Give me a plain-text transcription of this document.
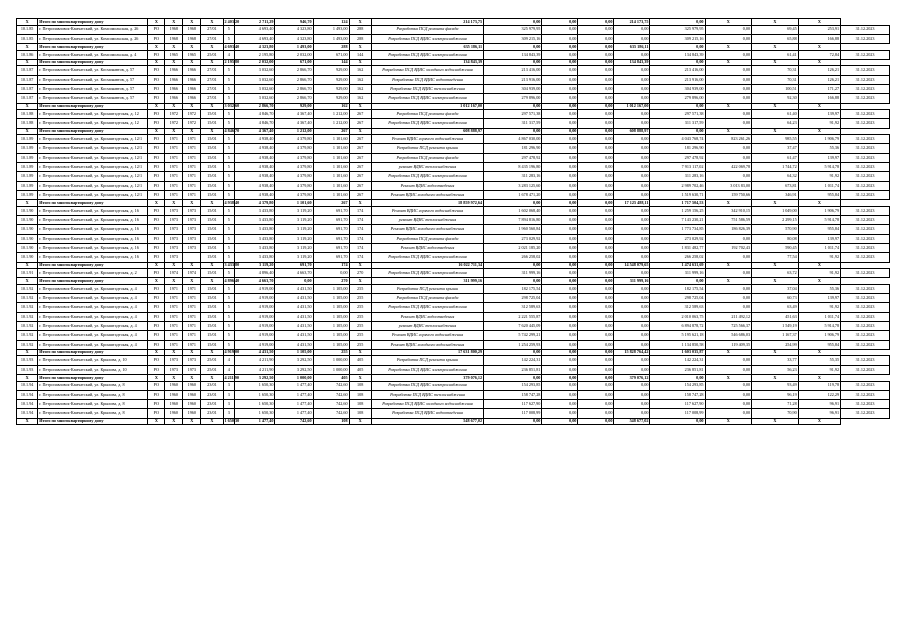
X	Итого по многоквартирному дому	X	X	X	X	2 403,20	2 711,29	946,70	124	X	214 173,75	0,00	0,00	0,00	214 173,75	0,00	X	X	X	
10.1.85	г. Петропавловск-Камчатский, ул. Комсомольская, д. 26	РО	1968	1968	27/01	5	4 693,40	4 323,80	1 493,00	288	Разработка ПСД ремонта фасада	325 979,95	0,00	0,00	0,00	325 979,95	0,00	69,45	253,91	31.12.2023
10.1.85	г. Петропавловск-Камчатский, ул. Комсомольская, д. 26	РО	1968	1968	27/01	5	4 693,40	4 323,80	1 493,00	288	Разработка ПСД ВДИС электроснабжения	309 215,16	0,00	0,00	0,00	309 215,16	0,00	65,88	166,88	31.12.2023
X	Итого по многоквартирному дому	X	X	X	X	4 693,40	4 323,80	1 493,00	288	X	635 186,11	0,00	0,00	0,00	635 186,11	0,00	X	X	X	
10.1.86	г. Петропавловск-Камчатский, ул. Комсомольская, д. 4	РО	1965	1965	25/01	4	2 195,80	2 032,00	671,00	144	Разработка ПСД ВДИС электроснабжения	134 843,39	0,00	0,00	0,00	134 843,39	0,00	61,41	72,84	31.12.2023
X	Итого по многоквартирному дому	X	X	X	X	2 195,80	2 032,00	671,00	144	X	134 843,39	0,00	0,00	0,00	134 843,39	0,00	X	X	X	
10.1.87	г. Петропавловск-Камчатский, ул. Космонавтов, д. 57	РО	1966	1966	27/01	5	3 032,60	2 866,70	929,00	162	Разработка ПСД ВДИС холодного водоснабжения	213 416,00	0,00	0,00	0,00	213 416,00	0,00	70,31	126,21	31.12.2023
10.1.87	г. Петропавловск-Камчатский, ул. Космонавтов, д. 57	РО	1966	1966	27/01	5	3 032,60	2 866,70	929,00	162	Разработка ПСД ВДИС водоотведения	213 916,00	0,00	0,00	0,00	213 916,00	0,00	70,31	126,21	31.12.2023
10.1.87	г. Петропавловск-Камчатский, ул. Космонавтов, д. 57	РО	1966	1966	27/01	5	3 032,60	2 866,70	929,00	162	Разработка ПСД ВДИС теплоснабжения	304 939,00	0,00	0,00	0,00	304 939,00	0,00	100,51	171,27	31.12.2023
10.1.87	г. Петропавловск-Камчатский, ул. Космонавтов, д. 57	РО	1966	1966	27/01	5	3 032,60	2 866,70	929,00	162	Разработка ПСД ВДИС электроснабжения	279 896,00	0,00	0,00	0,00	279 896,00	0,00	92,30	166,88	31.12.2023
X	Итого по многоквартирному дому	X	X	X	X	3 032,60	2 866,70	929,00	162	X	1 012 167,00	0,00	0,00	0,00	1 012 167,00	0,00	X	X	X	
10.1.88	г. Петропавловск-Камчатский, ул. Кронштадтская, д. 12	РО	1972	1972	15/01	5	4 846,70	4 367,40	1 212,00	267	Разработка ПСД ремонта фасада	297 571,38	0,00	0,00	0,00	297 571,38	0,00	61,40	139,97	31.12.2023
10.1.88	г. Петропавловск-Камчатский, ул. Кронштадтская, д. 12	РО	1972	1972	15/01	5	4 846,70	4 367,40	1 212,00	267	Разработка ПСД ВДИС электроснабжения	311 317,59	0,00	0,00	0,00	311 317,59	0,00	64,23	91,92	31.12.2023
X	Итого по многоквартирному дому	X	X	X	X	4 846,70	4 367,40	1 212,00	267	X	608 888,97	0,00	0,00	0,00	608 888,97	0,00	X	X	X	
10.1.89	г. Петропавловск-Камчатский, ул. Кронштадтская, д. 12/1	РО	1971	1971	15/01	5	4 938,40	4 379,80	1 101,60	267	Ремонт ВДИС горячего водоснабжения	4 867 030,00	0,00	0,00	0,00	4 043 768,74	823 261,26	985,55	1 906,79	31.12.2023
10.1.89	г. Петропавловск-Камчатский, ул. Кронштадтская, д. 12/1	РО	1971	1971	15/01	5	4 938,40	4 379,80	1 101,60	267	Разработка ПСД ремонта крыши	181 296,90	0,00	0,00	0,00	181 296,90	0,00	37,47	55,36	31.12.2023
10.1.89	г. Петропавловск-Камчатский, ул. Кронштадтская, д. 12/1	РО	1971	1971	15/01	5	4 938,40	4 379,80	1 101,60	267	Разработка ПСД ремонта фасада	297 478,92	0,00	0,00	0,00	297 478,92	0,00	61,47	139,97	31.12.2023
10.1.89	г. Петропавловск-Камчатский, ул. Кронштадтская, д. 12/1	РО	1971	1971	15/01	5	4 938,40	4 379,80	1 101,60	267	ремонт ВДИС теплоснабжения	8 435 196,80	0,00	0,00	0,00	7 913 117,02	422 069,78	1 744,72	5 914,78	31.12.2023
10.1.89	г. Петропавловск-Камчатский, ул. Кронштадтская, д. 12/1	РО	1971	1971	15/01	5	4 938,40	4 379,80	1 101,60	267	Разработка ПСД ВДИС электроснабжения	311 283,16	0,00	0,00	0,00	311 283,16	0,00	64,32	91,92	31.12.2023
10.1.89	г. Петропавловск-Камчатский, ул. Кронштадтская, д. 12/1	РО	1971	1971	15/01	5	4 938,40	4 379,80	1 101,60	267	Ремонт ВДИС водоотведения	3 283 125,60	0,00	0,00	0,00	2 989 702,46	3 013 83,00	673,81	1 011,74	31.12.2023
10.1.89	г. Петропавловск-Камчатский, ул. Кронштадтская, д. 12/1	РО	1971	1971	15/01	5	4 938,40	4 379,80	1 101,60	267	Ремонт ВДИС холодного водоснабжения	1 678 471,20	0,00	0,00	0,00	1 519 630,71	159 750,66	346,91	955,84	31.12.2023
X	Итого по многоквартирному дому	X	X	X	X	4 938,40	4 379,80	1 101,60	267	X	18 859 972,64	0,00	0,00	0,00	17 125 488,11	1 717 504,53	X	X	X	
10.1.90	г. Петропавловск-Камчатский, ул. Кронштадтская, д. 16	РО	1973	1973	15/01	5	3 433,80	3 119,20	691,70	174	Ремонт ВДИС горячего водоснабжения	1 602 068,40	0,00	0,00	0,00	1 259 156,25	342 910,15	1 049,00	1 906,79	31.12.2023
10.1.90	г. Петропавловск-Камчатский, ул. Кронштадтская, д. 16	РО	1973	1973	15/01	5	3 433,80	3 119,20	691,70	174	ремонт ВДИС теплоснабжения	7 894 816,80	0,00	0,00	0,00	7 143 230,21	751 586,59	2 299,15	5 914,78	31.12.2023
10.1.90	г. Петропавловск-Камчатский, ул. Кронштадтская, д. 16	РО	1973	1973	15/01	5	3 433,80	3 119,20	691,70	174	Ремонт ВДИС холодного водоснабжения	1 960 560,84	0,00	0,00	0,00	1 773 734,85	186 826,39	570,90	955,84	31.12.2023
10.1.90	г. Петропавловск-Камчатский, ул. Кронштадтская, д. 16	РО	1973	1973	15/01	5	3 433,80	3 119,20	691,70	174	Разработка ПСД ремонта фасада	273 029,92	0,00	0,00	0,00	273 029,92	0,00	80,08	139,97	31.12.2023
10.1.90	г. Петропавловск-Камчатский, ул. Кронштадтская, д. 16	РО	1973	1973	15/01	5	3 433,80	3 119,20	691,70	174	Ремонт ВДИС водоотведения	2 021 185,20	0,00	0,00	0,00	1 831 482,77	192 702,43	590,45	1 011,74	31.12.2023
10.1.90	г. Петропавловск-Камчатский, ул. Кронштадтская, д. 16	РО	1973		15/01	5	3 433,80	3 119,20	691,70	174	Разработка ПСД ВДИС электроснабжения	266 258,02	0,00	0,00	0,00	266 258,02	0,00	77,54	91,92	31.12.2023
X	Итого по многоквартирному дому	X	X	X	X	3 433,80	3 119,20	691,70	174	X	16 022 711,34	0,00	0,00	0,00	14 548 079,65	1 474 631,69	X	X	X	
10.1.91	г. Петропавловск-Камчатский, ул. Кронштадтская, д. 2	РО	1974	1974	15/01	5	4 896,40	4 663,70	0,00	270	Разработка ПСД ВДИС электроснабжения	311 999,16	0,00	0,00	0,00	311 999,16	0,00	63,72	91,92	31.12.2023
X	Итого по многоквартирному дому	X	X	X	X	4 896,40	4 663,70	0,00	270	X	311 999,16	0,00	0,00	0,00	311 999,16	0,00	X	X	X	
10.1.92	г. Петропавловск-Камчатский, ул. Кронштадтская, д. 4	РО	1971	1971	15/01	5	4 919,00	4 431,50	1 105,00	255	Разработка ПСД ремонта крыши	182 175,54	0,00	0,00	0,00	182 175,54	0,00	37,04	55,36	31.12.2023
10.1.92	г. Петропавловск-Камчатский, ул. Кронштадтская, д. 4	РО	1971	1971	15/01	5	4 919,00	4 431,50	1 105,00	255	Разработка ПСД ремонта фасада	298 725,04	0,00	0,00	0,00	298 725,04	0,00	60,73	139,97	31.12.2023
10.1.92	г. Петропавловск-Камчатский, ул. Кронштадтская, д. 4	РО	1971	1971	15/01	5	4 919,00	4 431,50	1 105,00	255	Разработка ПСД ВДИС электроснабжения	312 589,63	0,00	0,00	0,00	312 589,63	0,00	63,49	91,92	31.12.2023
10.1.92	г. Петропавловск-Камчатский, ул. Кронштадтская, д. 4	РО	1971	1971	15/01	5	4 919,00	4 431,50	1 105,00	255	Ремонт ВДИС водоотведения	2 221 555,87	0,00	0,00	0,00	2 010 063,75	211 492,12	451,63	1 011,74	31.12.2023
10.1.92	г. Петропавловск-Камчатский, ул. Кронштадтская, д. 4	РО	1971	1971	15/01	5	4 919,00	4 431,50	1 105,00	255	ремонт ВДИС теплоснабжения	7 620 445,09	0,00	0,00	0,00	6 894 878,72	725 566,37	1 549,19	5 914,78	31.12.2023
10.1.92	г. Петропавловск-Камчатский, ул. Кронштадтская, д. 4	РО	1971	1971	15/01	5	4 919,00	4 431,50	1 105,00	255	Ремонт ВДИС горячего водоснабжения	5 742 299,21	0,00	0,00	0,00	5 195 621,18	546 686,03	1 167,37	1 906,79	31.12.2023
10.1.92	г. Петропавловск-Камчатский, ул. Кронштадтская, д. 4	РО	1971	1971	15/01	5	4 919,00	4 431,50	1 105,00	255	Ремонт ВДИС холодного водоснабжения	1 254 259,93	0,00	0,00	0,00	1 134 850,58	119 409,35	254,99	955,84	31.12.2023
X	Итого по многоквартирному дому	X	X	X	X	4 919,00	4 431,50	1 105,00	255	X	17 631 800,29	0,00	0,00	0,00	15 828 764,42	1 603 035,87	X	X	X	
10.1.93	г. Петропавловск-Камчатский, ул. Крылова, д. 10	РО	1973	1973	25/01	4	4 211,90	3 292,50	1 000,00	405	Разработка ПСД ремонта крыши	142 224,31	0,00	0,00	0,00	142 224,31	0,00	33,77	55,35	31.12.2023
10.1.93	г. Петропавловск-Камчатский, ул. Крылова, д. 10	РО	1973	1973	25/01	4	4 211,90	3 292,50	1 000,00	405	Разработка ПСД ВДИС электроснабжения	236 851,81	0,00	0,00	0,00	236 851,81	0,00	56,23	91,92	31.12.2023
X	Итого по многоквартирному дому	X	X	X	X	4 211,90	3 292,50	1 000,00	405	X	379 076,12	0,00	0,00	0,00	379 076,12	0,00	X	X	X	
10.1.94	г. Петропавловск-Камчатский, ул. Крылова, д. 8	РО	1960	1960	23/01	3	1 650,30	1 477,40	742,60	108	Разработка ПСД ВДИС электроснабжения	154 293,85	0,00	0,00	0,00	154 293,85	0,00	93,49	119,78	31.12.2023
10.1.94	г. Петропавловск-Камчатский, ул. Крылова, д. 8	РО	1960	1960	23/01	3	1 650,30	1 477,40	742,60	108	Разработка ПСД ВДИС теплоснабжения	158 747,28	0,00	0,00	0,00	158 747,28	0,00	96,19	122,29	31.12.2023
10.1.94	г. Петропавловск-Камчатский, ул. Крылова, д. 8	РО	1960	1960	23/01	3	1 650,30	1 477,40	742,60	108	Разработка ПСД ВДИС холодного водоснабжения	117 627,90	0,00	0,00	0,00	117 627,90	0,00	71,28	96,91	31.12.2023
10.1.94	г. Петропавловск-Камчатский, ул. Крылова, д. 8	РО	1960	1960	23/01	3	1 650,30	1 477,40	742,60	108	Разработка ПСД ВДИС водоотведения	117 008,99	0,00	0,00	0,00	117 008,99	0,00	70,90	96,91	31.12.2023
X	Итого по многоквартирному дому	X	X	X	X	1 650,30	1 477,40	742,60	108	X	548 677,02	0,00	0,00	0,00	548 677,02	0,00	X	X	X	
